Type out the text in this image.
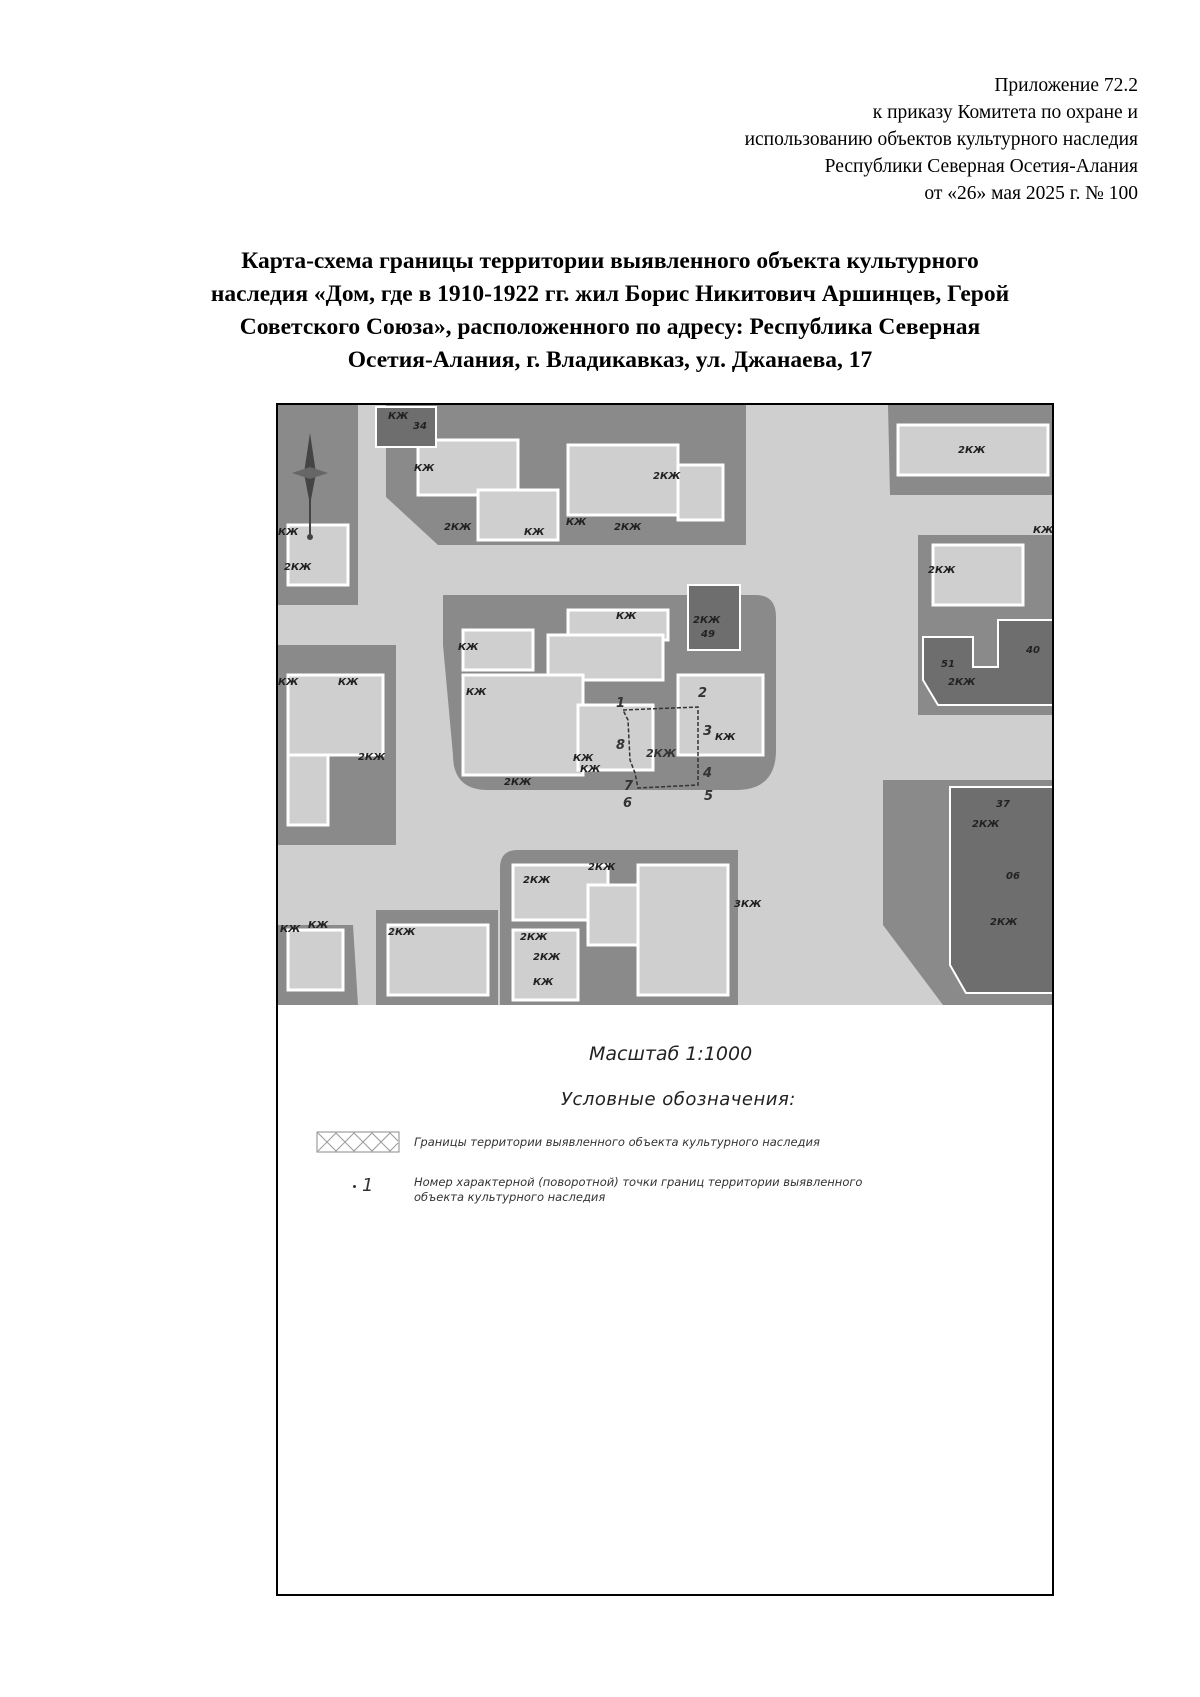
Приложение 72.2
к приказу Комитета по охране и
использованию объектов культурного наследия
Республики Северная Осетия-Алания
от «26» мая 2025 г. № 100
Карта-схема границы территории выявленного объекта культурного
наследия «Дом, где в 1910-1922 гг. жил Борис Никитович Аршинцев, Герой
Советского Союза», расположенного по адресу: Республика Северная
Осетия-Алания, г. Владикавказ, ул. Джанаева, 17
2КЖ
1
2
3
4
5
6
7
8
КЖ
34
КЖ
2КЖ
2КЖ	КЖ
КЖ
2КЖ
2КЖ
КЖ
2КЖ
КЖ	2КЖ
49
КЖ
КЖ
КЖ
КЖ
2КЖ
КЖ
2КЖ
51
40
2КЖ
КЖ
КЖ
37
2КЖ
06
2КЖ
2КЖ
2КЖ
3КЖ
КЖ КЖ
2КЖ	2КЖ
КЖ
2КЖ
2КЖ
КЖ
Масштаб 1:1000
Условные обозначения:
Границы территории выявленного объекта культурного наследия
1	Номер характерной (поворотной) точки границ территории выявленного объекта культурного наследия
